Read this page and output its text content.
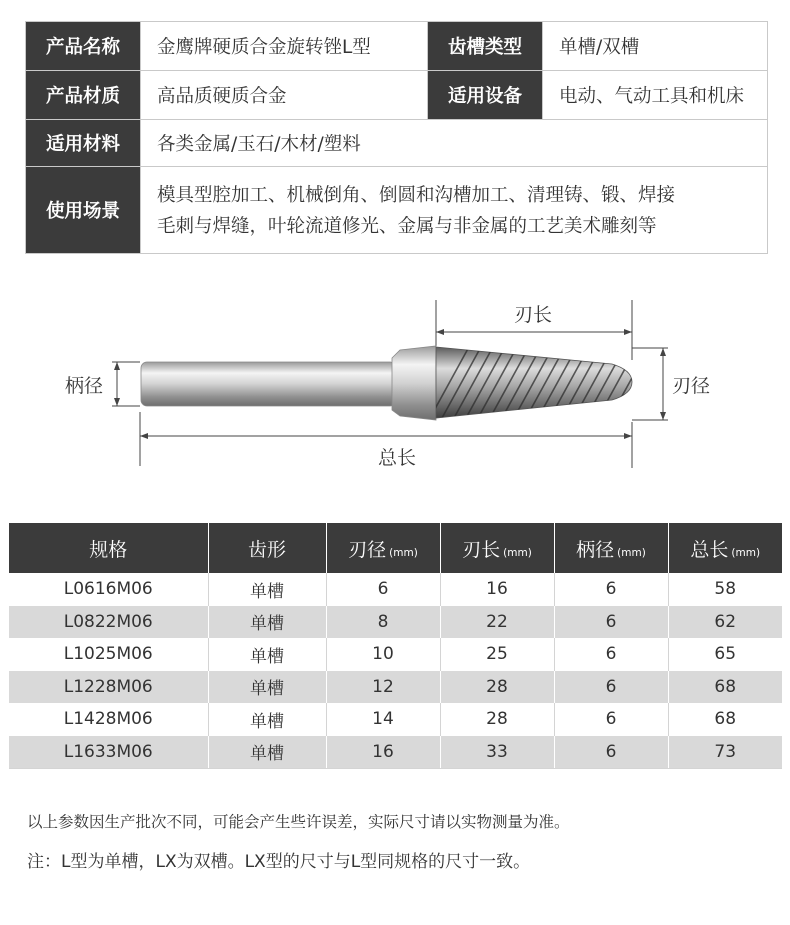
产品名称	金鹰牌硬质合金旋转锉L型	齿槽类型	单槽/双槽
产品材质	高品质硬质合金	适用设备	电动、气动工具和机床
适用材料	各类金属/玉石/木材/塑料		
使用场景	模具型腔加工、机械倒角、倒圆和沟槽加工、清理铸、锻、焊接
毛刺与焊缝，叶轮流道修光、金属与非金属的工艺美术雕刻等		
刃长
刃径
柄径
总长
规格	齿形	刃径 (mm)	刃长 (mm)	柄径 (mm)	总长 (mm)
L0616M06	单槽	6	16	6	58
L0822M06	单槽	8	22	6	62
L1025M06	单槽	10	25	6	65
L1228M06	单槽	12	28	6	68
L1428M06	单槽	14	28	6	68
L1633M06	单槽	16	33	6	73
以上参数因生产批次不同，可能会产生些许误差，实际尺寸请以实物测量为准。
注：L型为单槽，LX为双槽。LX型的尺寸与L型同规格的尺寸一致。
